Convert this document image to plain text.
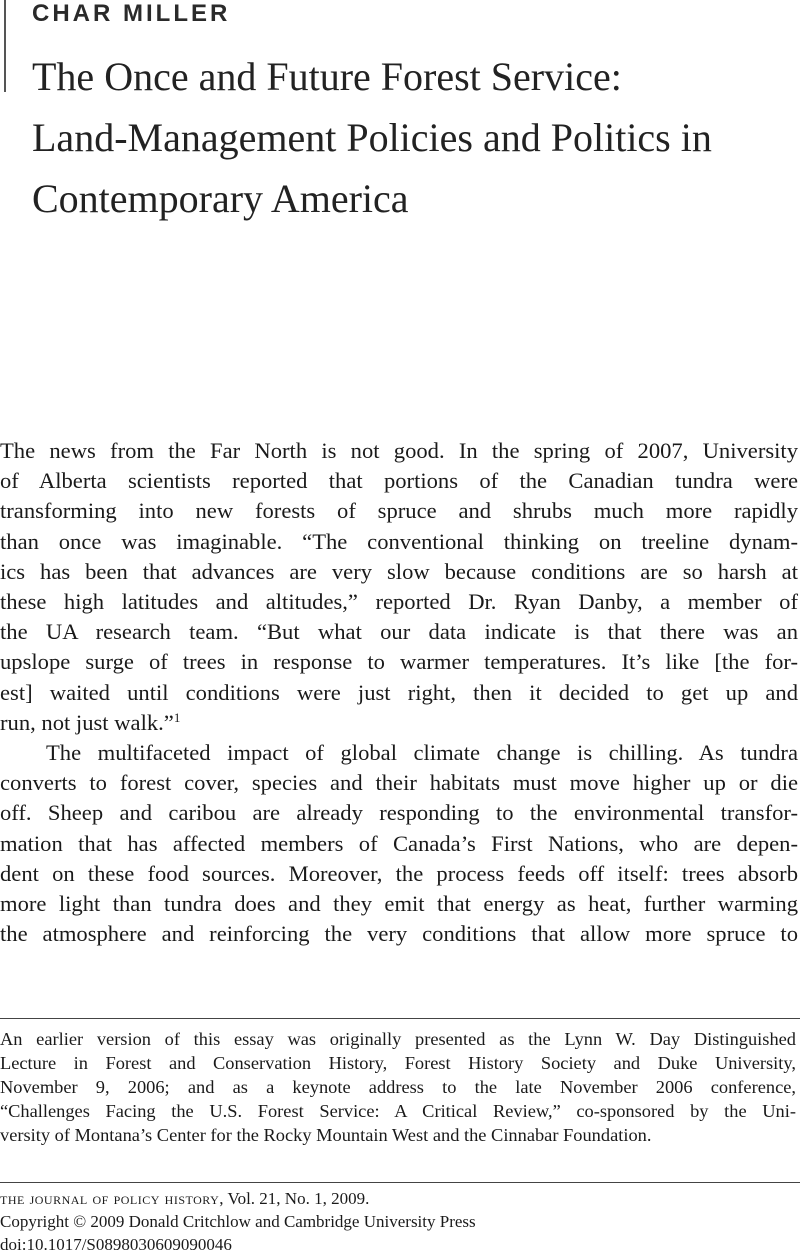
CHAR MILLER
The Once and Future Forest Service:
Land-Management Policies and Politics in
Contemporary America

The news from the Far North is not good. In the spring of 2007, University
of Alberta scientists reported that portions of the Canadian tundra were
transforming into new forests of spruce and shrubs much more rapidly
than once was imaginable. “The conventional thinking on treeline dynam-
ics has been that advances are very slow because conditions are so harsh at
these high latitudes and altitudes,” reported Dr. Ryan Danby, a member of
the UA research team. “But what our data indicate is that there was an
upslope surge of trees in response to warmer temperatures. It’s like [the for-
est] waited until conditions were just right, then it decided to get up and
run, not just walk.”$^1$

The multifaceted impact of global climate change is chilling. As tundra
converts to forest cover, species and their habitats must move higher up or die
off. Sheep and caribou are already responding to the environmental transfor-
mation that has affected members of Canada’s First Nations, who are depen-
dent on these food sources. Moreover, the process feeds off itself: trees absorb
more light than tundra does and they emit that energy as heat, further warming
the atmosphere and reinforcing the very conditions that allow more spruce to

An earlier version of this essay was originally presented as the Lynn W. Day Distinguished
Lecture in Forest and Conservation History, Forest History Society and Duke University,
November 9, 2006; and as a keynote address to the late November 2006 conference,
“Challenges Facing the U.S. Forest Service: A Critical Review,” co-sponsored by the Uni-
versity of Montana’s Center for the Rocky Mountain West and the Cinnabar Foundation.

the journal of policy history, Vol. 21, No. 1, 2009.
Copyright © 2009 Donald Critchlow and Cambridge University Press
doi:10.1017/S0898030609090046
